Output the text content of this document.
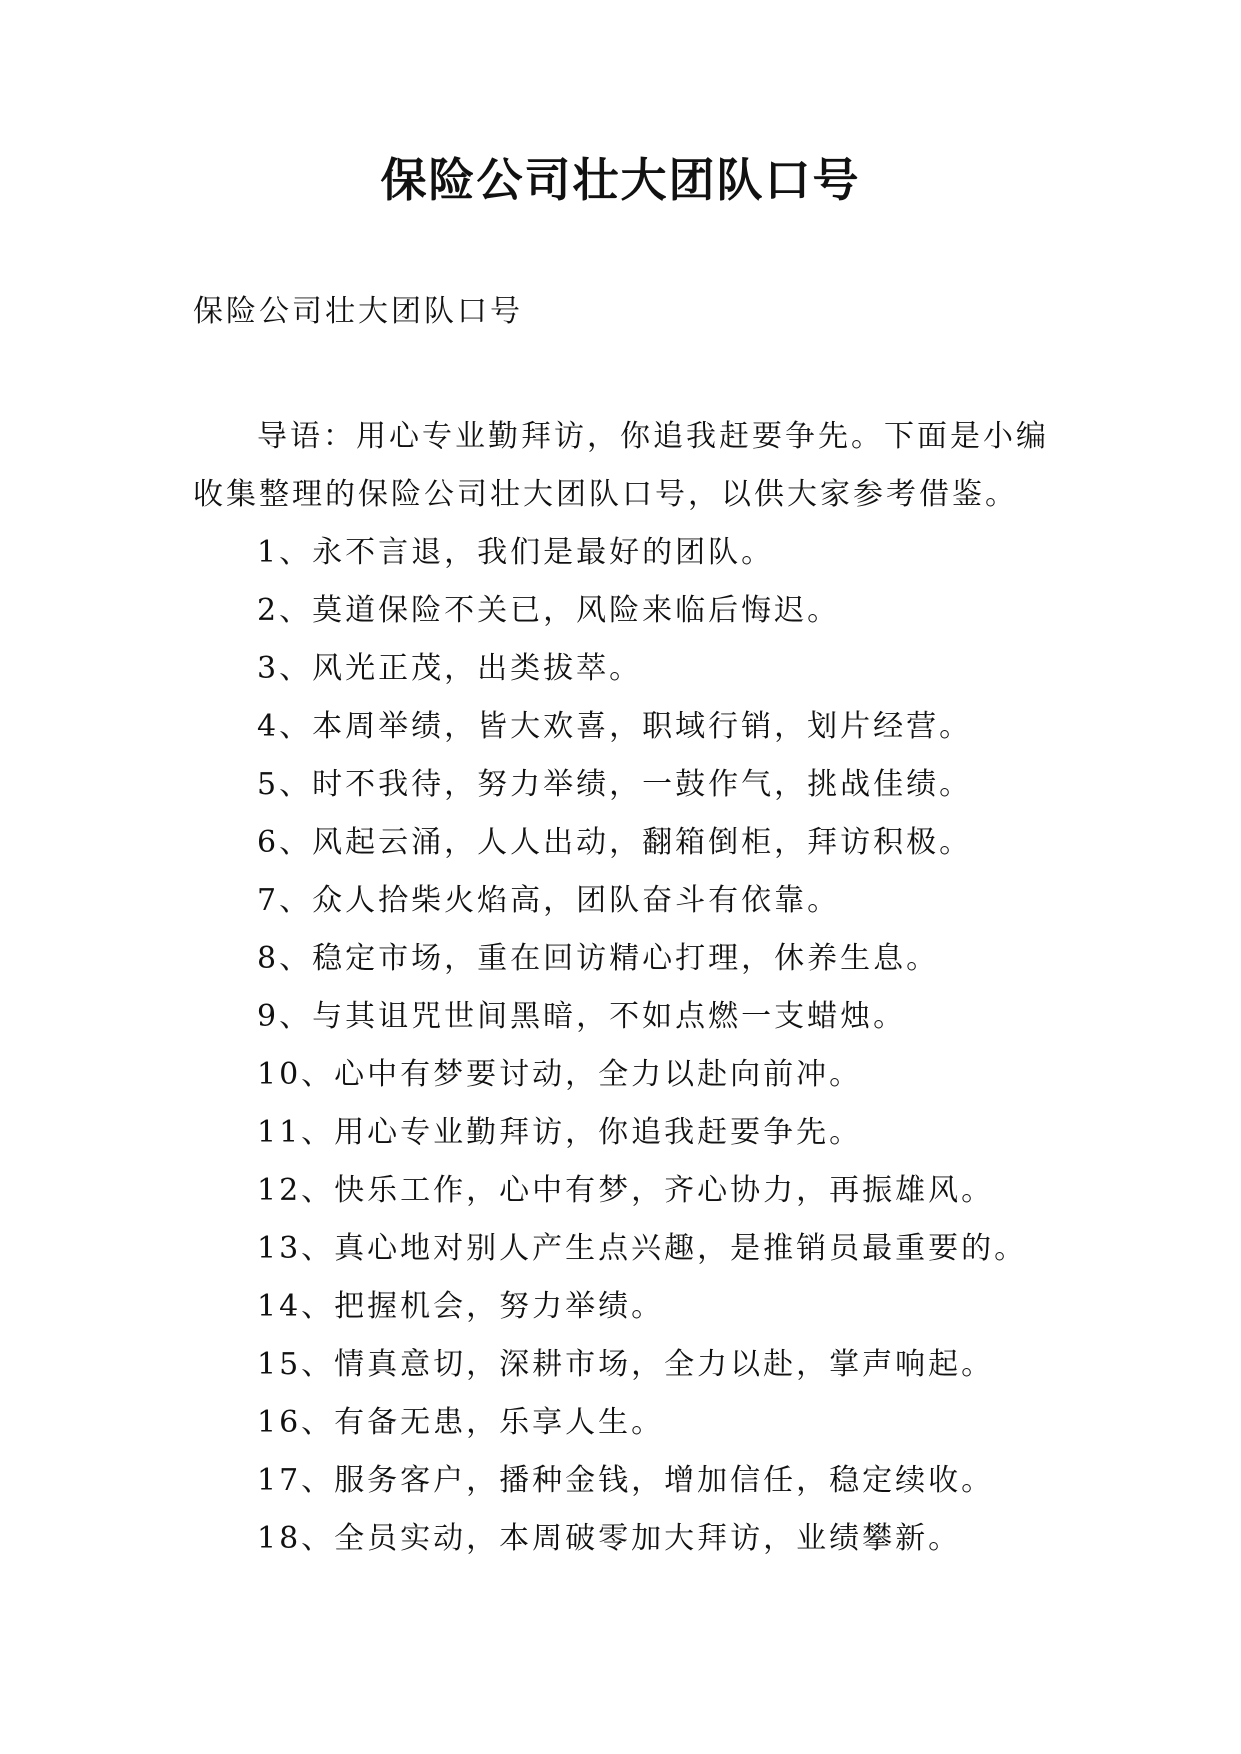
保险公司壮大团队口号

保险公司壮大团队口号

导语：用心专业勤拜访，你追我赶要争先。下面是小编收集整理的保险公司壮大团队口号，以供大家参考借鉴。

1、永不言退，我们是最好的团队。
2、莫道保险不关已，风险来临后悔迟。
3、风光正茂，出类拔萃。
4、本周举绩，皆大欢喜，职域行销，划片经营。
5、时不我待，努力举绩，一鼓作气，挑战佳绩。
6、风起云涌，人人出动，翻箱倒柜，拜访积极。
7、众人拾柴火焰高，团队奋斗有依靠。
8、稳定市场，重在回访精心打理，休养生息。
9、与其诅咒世间黑暗，不如点燃一支蜡烛。
10、心中有梦要讨动，全力以赴向前冲。
11、用心专业勤拜访，你追我赶要争先。
12、快乐工作，心中有梦，齐心协力，再振雄风。
13、真心地对别人产生点兴趣，是推销员最重要的。
14、把握机会，努力举绩。
15、情真意切，深耕市场，全力以赴，掌声响起。
16、有备无患，乐享人生。
17、服务客户，播种金钱，增加信任，稳定续收。
18、全员实动，本周破零加大拜访，业绩攀新。
